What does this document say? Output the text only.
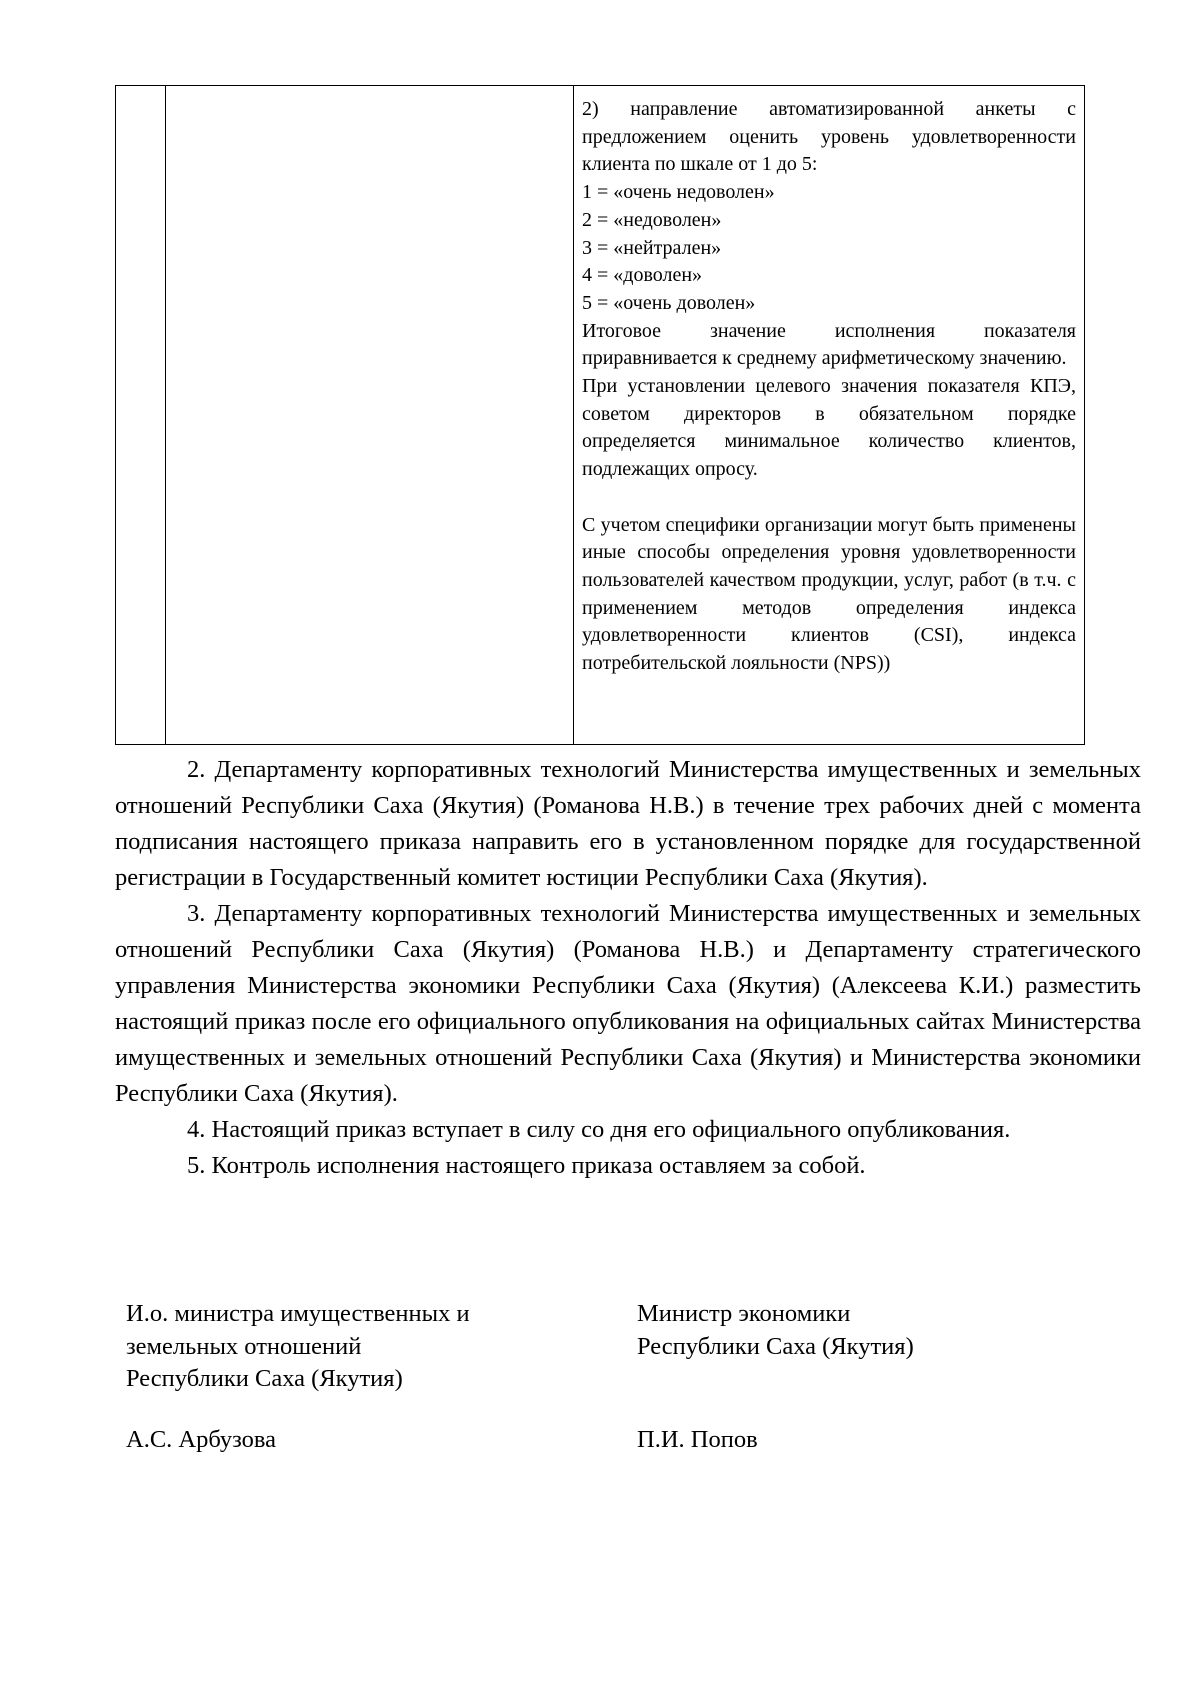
2) направление автоматизированной анкеты с предложением оценить уровень удовлетворенности клиента по шкале от 1 до 5:

1 = «очень недоволен»

2 = «недоволен»

3 = «нейтрален»

4 = «доволен»

5 = «очень доволен»

Итоговое значение исполнения показателя приравнивается к среднему арифметическому значению.

При установлении целевого значения показателя КПЭ, советом директоров в обязательном порядке определяется минимальное количество клиентов, подлежащих опросу.

С учетом специфики организации могут быть применены иные способы определения уровня удовлетворенности пользователей качеством продукции, услуг, работ (в т.ч. с применением методов определения индекса удовлетворенности клиентов (CSI), индекса потребительской лояльности (NPS))

2. Департаменту корпоративных технологий Министерства имущественных и земельных отношений Республики Саха (Якутия) (Романова Н.В.) в течение трех рабочих дней с момента подписания настоящего приказа направить его в установленном порядке для государственной регистрации в Государственный комитет юстиции Республики Саха (Якутия).

3. Департаменту корпоративных технологий Министерства имущественных и земельных отношений Республики Саха (Якутия) (Романова Н.В.) и Департаменту стратегического управления Министерства экономики Республики Саха (Якутия) (Алексеева К.И.) разместить настоящий приказ после его официального опубликования на официальных сайтах Министерства имущественных и земельных отношений Республики Саха (Якутия) и Министерства экономики Республики Саха (Якутия).

4. Настоящий приказ вступает в силу со дня его официального опубликования.

5. Контроль исполнения настоящего приказа оставляем за собой.

И.о. министра имущественных и

земельных отношений

Республики Саха (Якутия)

А.С. Арбузова

Министр экономики

Республики Саха (Якутия)

П.И. Попов
